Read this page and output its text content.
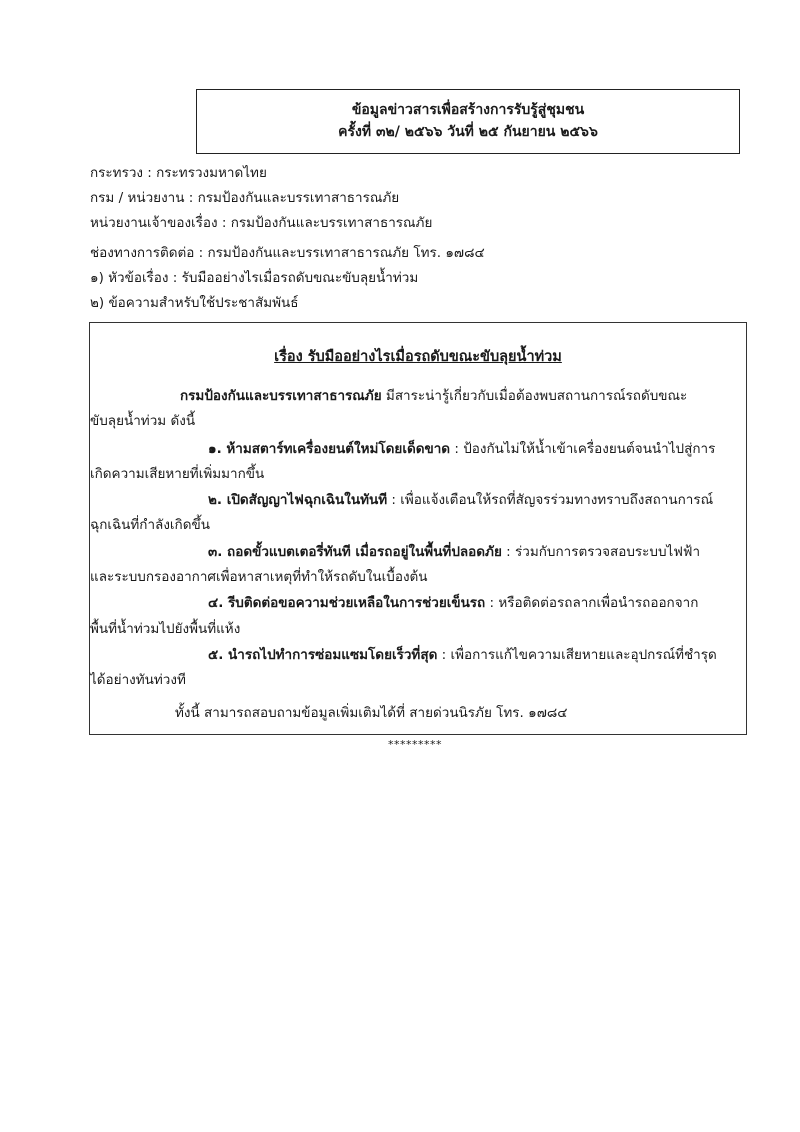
ข้อมูลข่าวสารเพื่อสร้างการรับรู้สู่ชุมชน
ครั้งที่ ๓๒/ ๒๕๖๖ วันที่ ๒๕ กันยายน ๒๕๖๖
กระทรวง : กระทรวงมหาดไทย
กรม / หน่วยงาน : กรมป้องกันและบรรเทาสาธารณภัย
หน่วยงานเจ้าของเรื่อง : กรมป้องกันและบรรเทาสาธารณภัย
ช่องทางการติดต่อ : กรมป้องกันและบรรเทาสาธารณภัย โทร. ๑๗๘๔
๑) หัวข้อเรื่อง : รับมืออย่างไรเมื่อรถดับขณะขับลุยน้ำท่วม
๒) ข้อความสำหรับใช้ประชาสัมพันธ์
เรื่อง รับมืออย่างไรเมื่อรถดับขณะขับลุยน้ำท่วม
กรมป้องกันและบรรเทาสาธารณภัย มีสาระน่ารู้เกี่ยวกับเมื่อต้องพบสถานการณ์รถดับขณะ
ขับลุยน้ำท่วม ดังนี้
๑. ห้ามสตาร์ทเครื่องยนต์ใหม่โดยเด็ดขาด : ป้องกันไม่ให้น้ำเข้าเครื่องยนต์จนนำไปสู่การ
เกิดความเสียหายที่เพิ่มมากขึ้น
๒. เปิดสัญญาไฟฉุกเฉินในทันที : เพื่อแจ้งเตือนให้รถที่สัญจรร่วมทางทราบถึงสถานการณ์
ฉุกเฉินที่กำลังเกิดขึ้น
๓. ถอดขั้วแบตเตอรี่ทันที เมื่อรถอยู่ในพื้นที่ปลอดภัย : ร่วมกับการตรวจสอบระบบไฟฟ้า
และระบบกรองอากาศเพื่อหาสาเหตุที่ทำให้รถดับในเบื้องต้น
๔. รีบติดต่อขอความช่วยเหลือในการช่วยเข็นรถ : หรือติดต่อรถลากเพื่อนำรถออกจาก
พื้นที่น้ำท่วมไปยังพื้นที่แห้ง
๕. นำรถไปทำการซ่อมแซมโดยเร็วที่สุด : เพื่อการแก้ไขความเสียหายและอุปกรณ์ที่ชำรุด
ได้อย่างทันท่วงที
ทั้งนี้ สามารถสอบถามข้อมูลเพิ่มเติมได้ที่ สายด่วนนิรภัย โทร. ๑๗๘๔
*********
